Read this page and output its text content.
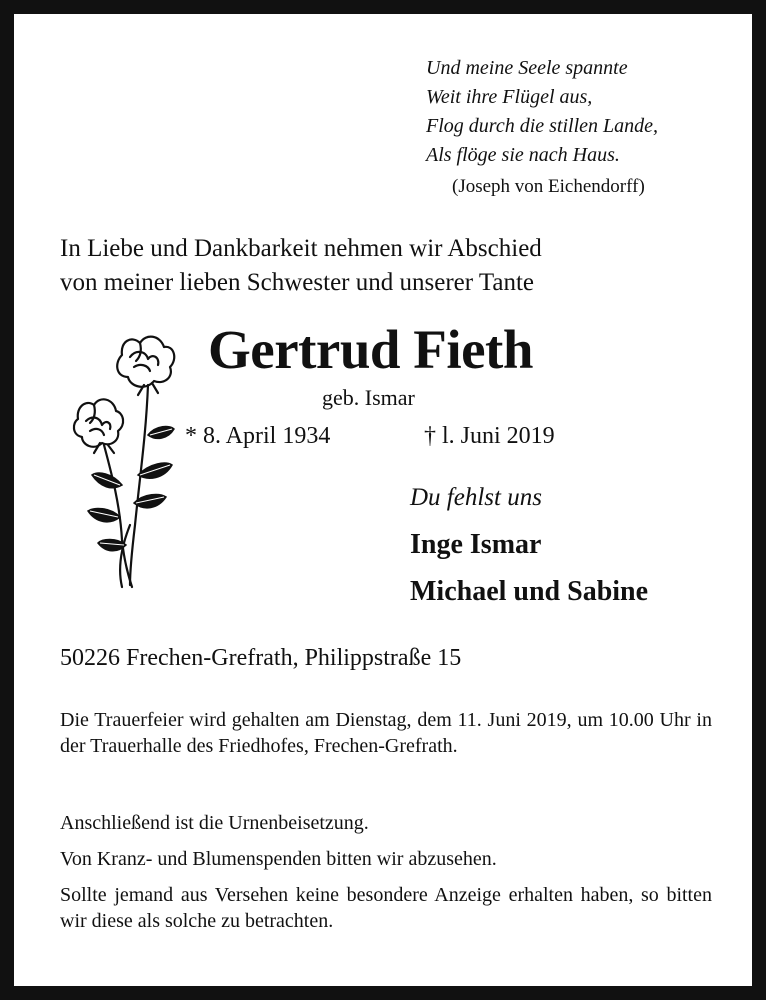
Und meine Seele spannte
Weit ihre Flügel aus,
Flog durch die stillen Lande,
Als flöge sie nach Haus.
(Joseph von Eichendorff)
In Liebe und Dankbarkeit nehmen wir Abschied
von meiner lieben Schwester und unserer Tante
Gertrud Fieth
geb. Ismar
* 8. April 1934	† l. Juni 2019
Du fehlst uns
Inge Ismar
Michael und Sabine
50226 Frechen-Grefrath, Philippstraße 15
Die Trauerfeier wird gehalten am Dienstag, dem 11. Juni 2019, um 10.00 Uhr in der Trauerhalle des Friedhofes, Frechen-Grefrath.
Anschließend ist die Urnenbeisetzung.
Von Kranz- und Blumenspenden bitten wir abzusehen.
Sollte jemand aus Versehen keine besondere Anzeige erhalten haben, so bitten wir diese als solche zu betrachten.
